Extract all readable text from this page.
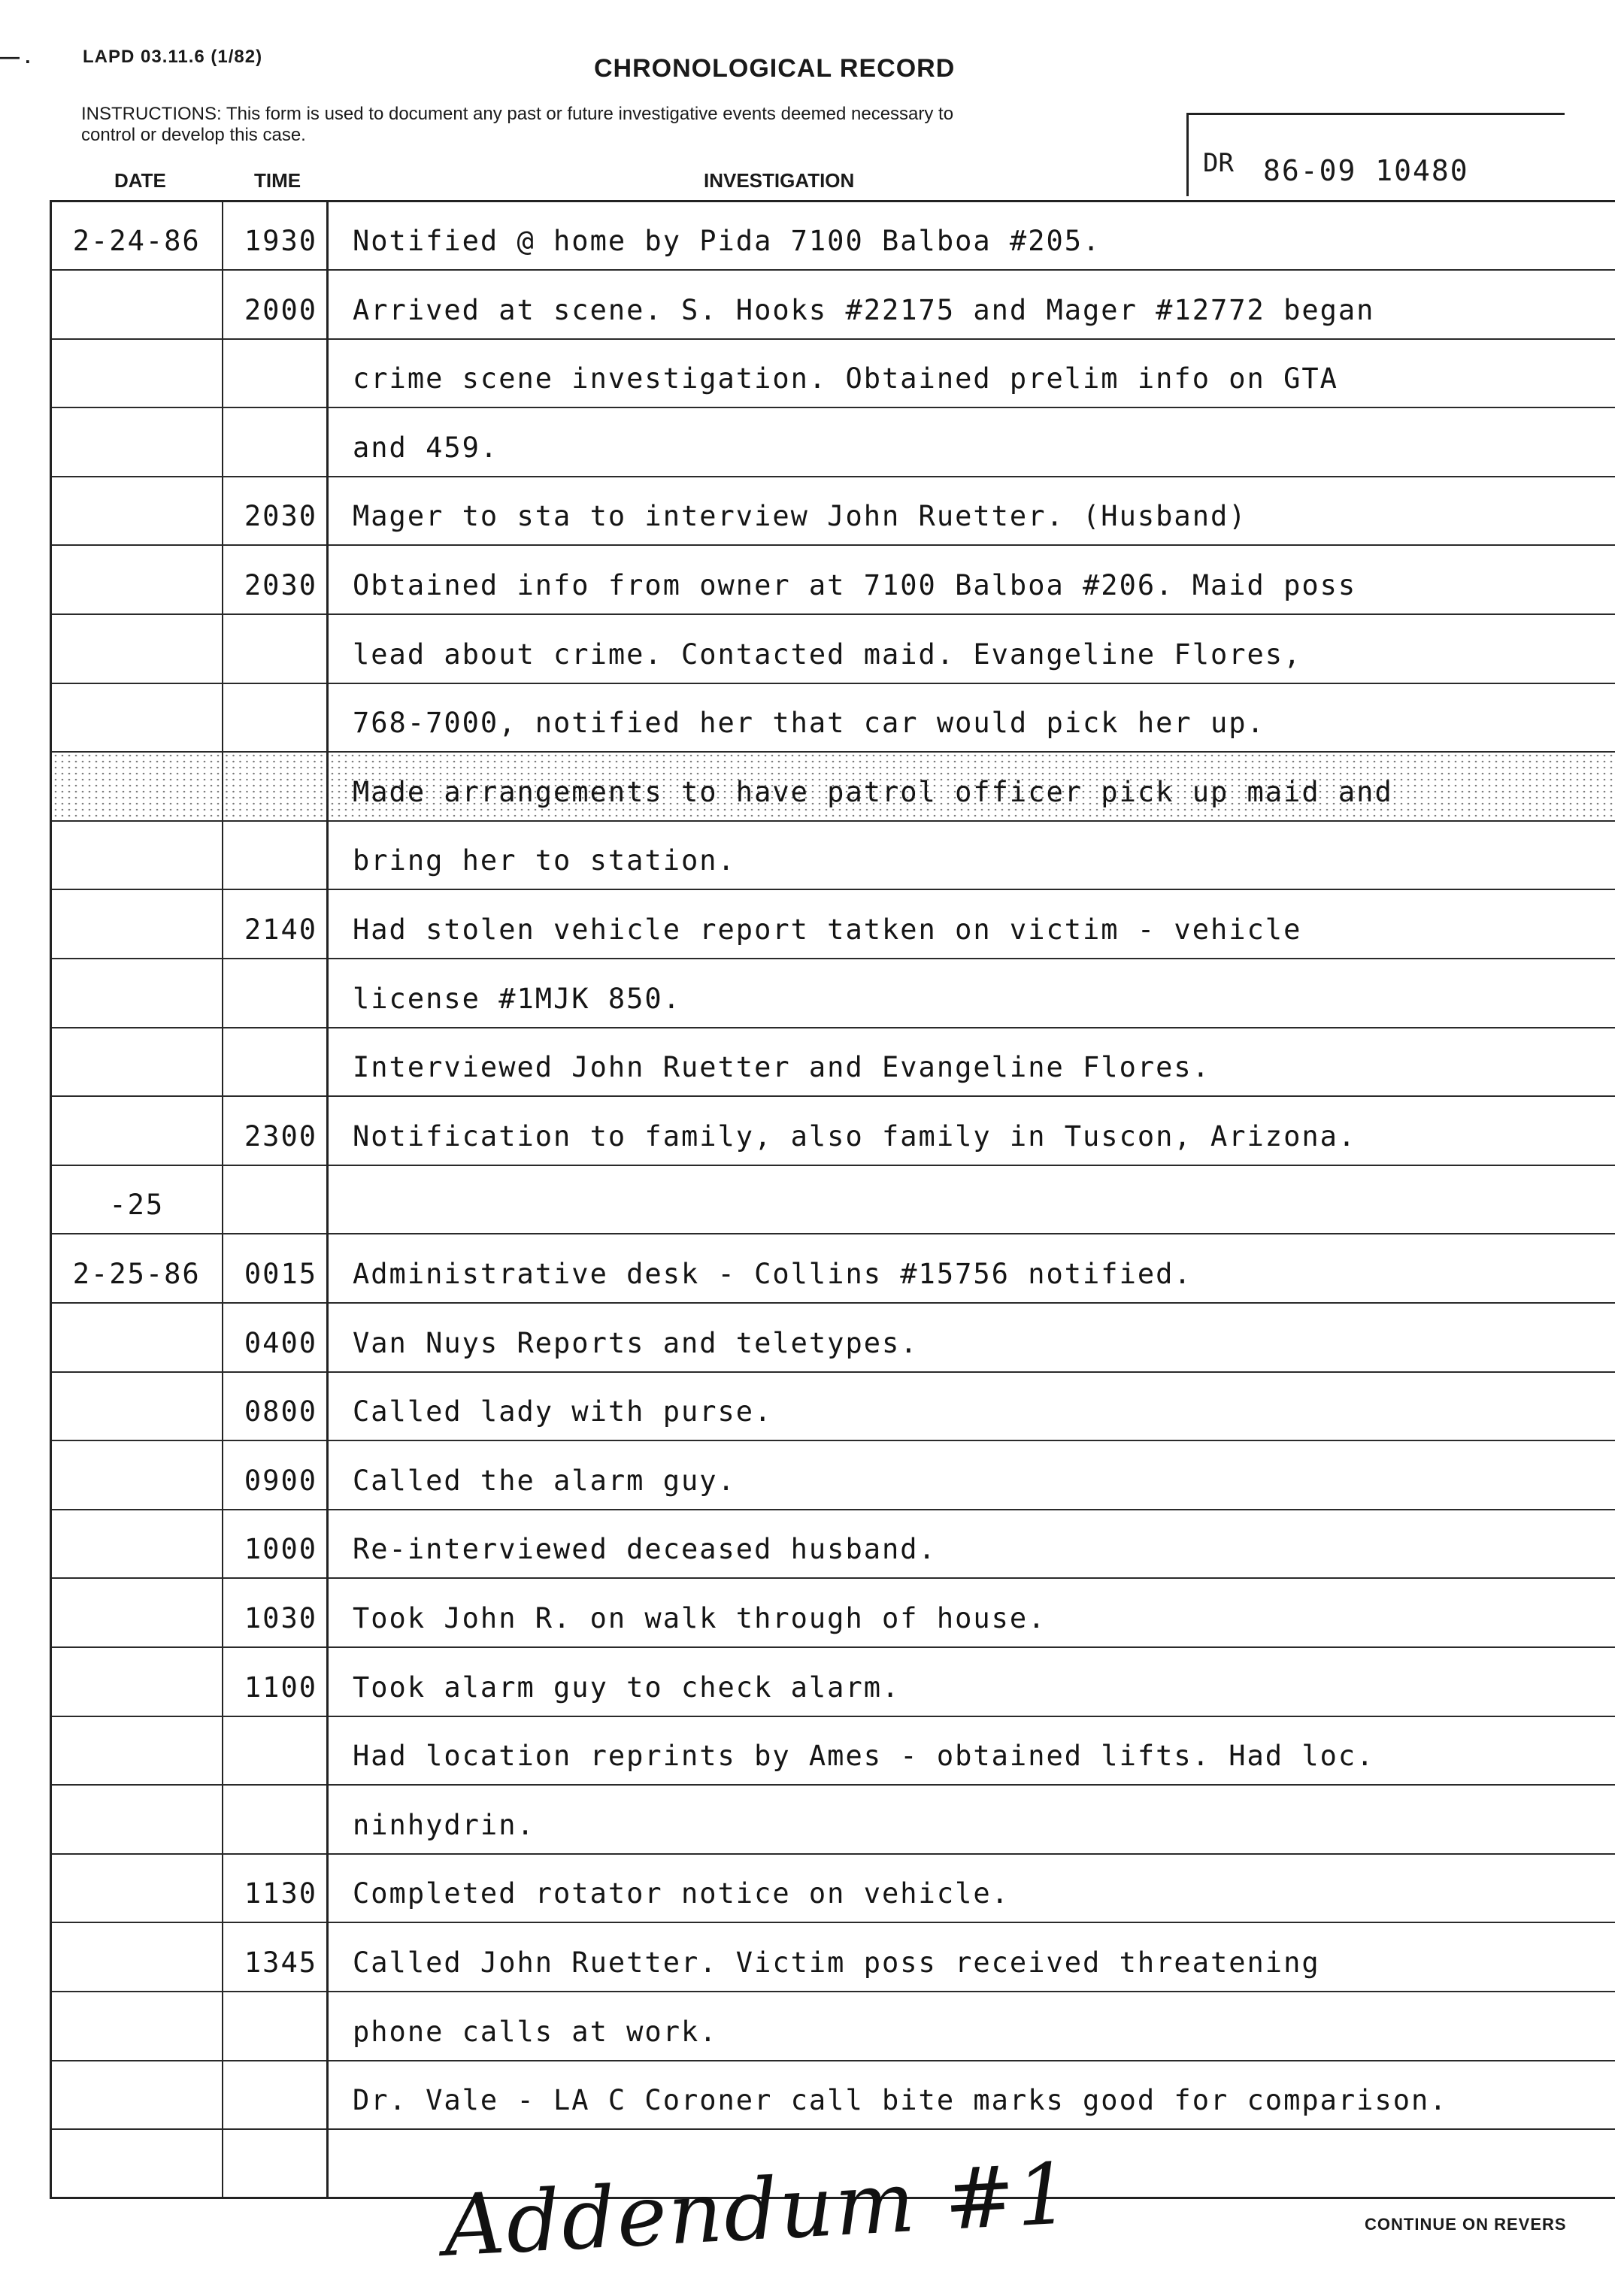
— .	LAPD 03.11.6 (1/82)	CHRONOLOGICAL RECORD
INSTRUCTIONS: This form is used to document any past or future investigative events deemed necessary to control or develop this case.
DR 86-09 10480
DATE	TIME	INVESTIGATION
2-24-86	1930	Notified @ home by Pida 7100 Balboa #205.
	2000	Arrived at scene. S. Hooks #22175 and Mager #12772 began
		crime scene investigation. Obtained prelim info on GTA
		and 459.
	2030	Mager to sta to interview John Ruetter. (Husband)
	2030	Obtained info from owner at 7100 Balboa #206. Maid poss
		lead about crime. Contacted maid. Evangeline Flores,
		768-7000, notified her that car would pick her up.
		Made arrangements to have patrol officer pick up maid and
		bring her to station.
	2140	Had stolen vehicle report tatken on victim - vehicle
		license #1MJK 850.
		Interviewed John Ruetter and Evangeline Flores.
	2300	Notification to family, also family in Tuscon, Arizona.
-25		
2-25-86	0015	Administrative desk - Collins #15756 notified.
	0400	Van Nuys Reports and teletypes.
	0800	Called lady with purse.
	0900	Called the alarm guy.
	1000	Re-interviewed deceased husband.
	1030	Took John R. on walk through of house.
	1100	Took alarm guy to check alarm.
		Had location reprints by Ames - obtained lifts. Had loc.
		ninhydrin.
	1130	Completed rotator notice on vehicle.
	1345	Called John Ruetter. Victim poss received threatening
		phone calls at work.
		Dr. Vale - LA C Coroner call bite marks good for comparison.

Addendum #1	CONTINUE ON REVERS
